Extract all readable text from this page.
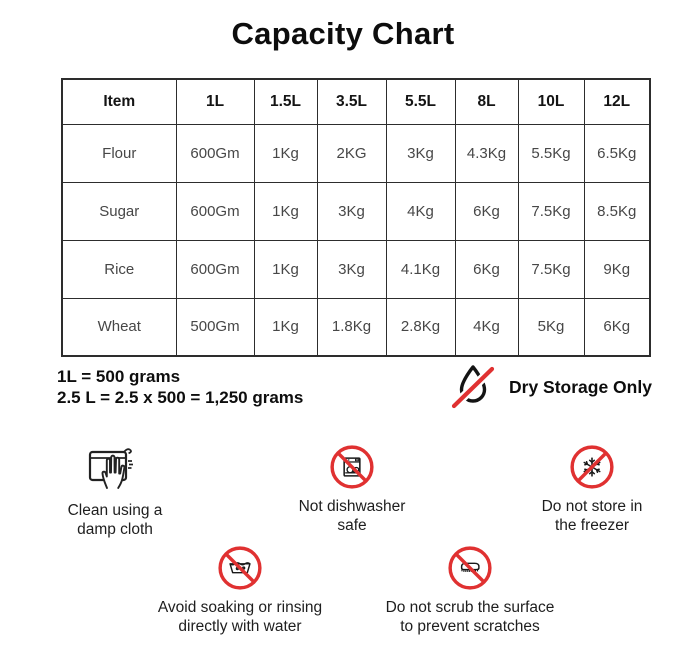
Capacity Chart
Item	1L	1.5L	3.5L	5.5L	8L	10L	12L
Flour	600Gm	1Kg	2KG	3Kg	4.3Kg	5.5Kg	6.5Kg
Sugar	600Gm	1Kg	3Kg	4Kg	6Kg	7.5Kg	8.5Kg
Rice	600Gm	1Kg	3Kg	4.1Kg	6Kg	7.5Kg	9Kg
Wheat	500Gm	1Kg	1.8Kg	2.8Kg	4Kg	5Kg	6Kg
1L = 500 grams
2.5 L = 2.5 x 500 = 1,250 grams
Dry Storage Only
Clean using a
damp cloth
Not dishwasher
safe
Do not store in
the freezer
Avoid soaking or rinsing
directly with water
Do not scrub the surface
to prevent scratches
